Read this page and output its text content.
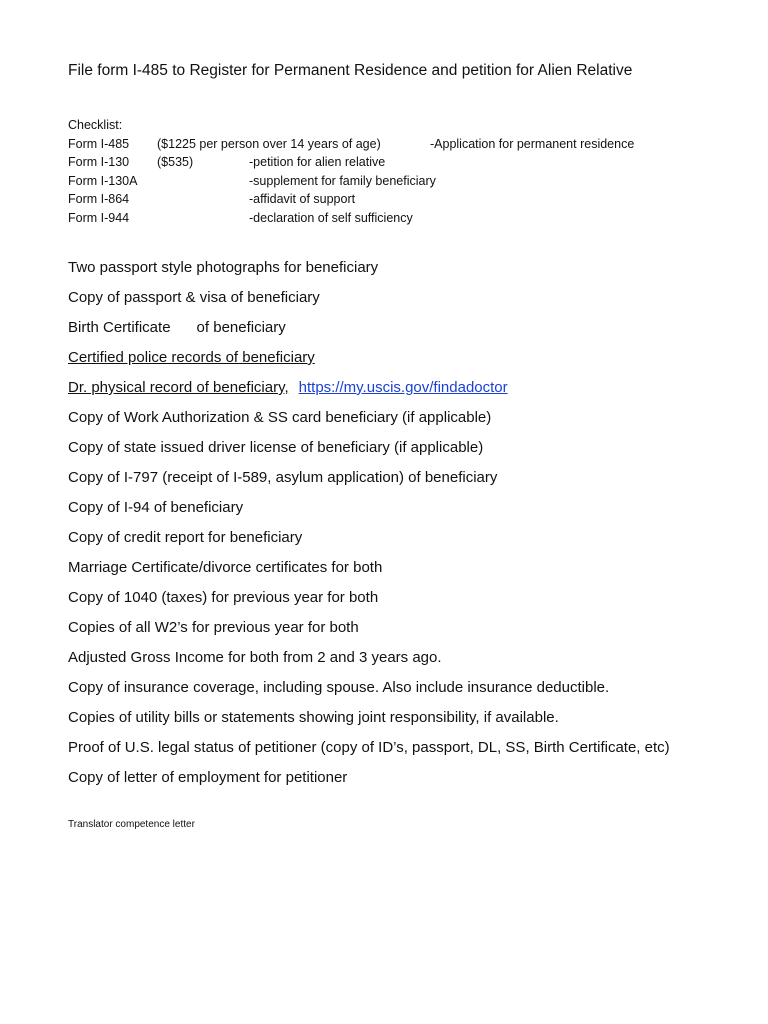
File form I-485 to Register for Permanent Residence and petition for Alien Relative
Checklist:
Form I-485 ($1225 per person over 14 years of age)	-Application for permanent residence
Form I-130 ($535)	-petition for alien relative
Form I-130A	-supplement for family beneficiary
Form I-864	-affidavit of support
Form I-944	-declaration of self sufficiency
Two passport style photographs for beneficiary
Copy of passport & visa of beneficiary
Birth Certificate of beneficiary
Certified police records of beneficiary
Dr. physical record of beneficiary, https://my.uscis.gov/findadoctor
Copy of Work Authorization & SS card beneficiary (if applicable)
Copy of state issued driver license of beneficiary (if applicable)
Copy of I-797 (receipt of I-589, asylum application) of beneficiary
Copy of I-94 of beneficiary
Copy of credit report for beneficiary
Marriage Certificate/divorce certificates for both
Copy of 1040 (taxes) for previous year for both
Copies of all W2’s for previous year for both
Adjusted Gross Income for both from 2 and 3 years ago.
Copy of insurance coverage, including spouse. Also include insurance deductible.
Copies of utility bills or statements showing joint responsibility, if available.
Proof of U.S. legal status of petitioner (copy of ID’s, passport, DL, SS, Birth Certificate, etc)
Copy of letter of employment for petitioner
Translator competence letter
